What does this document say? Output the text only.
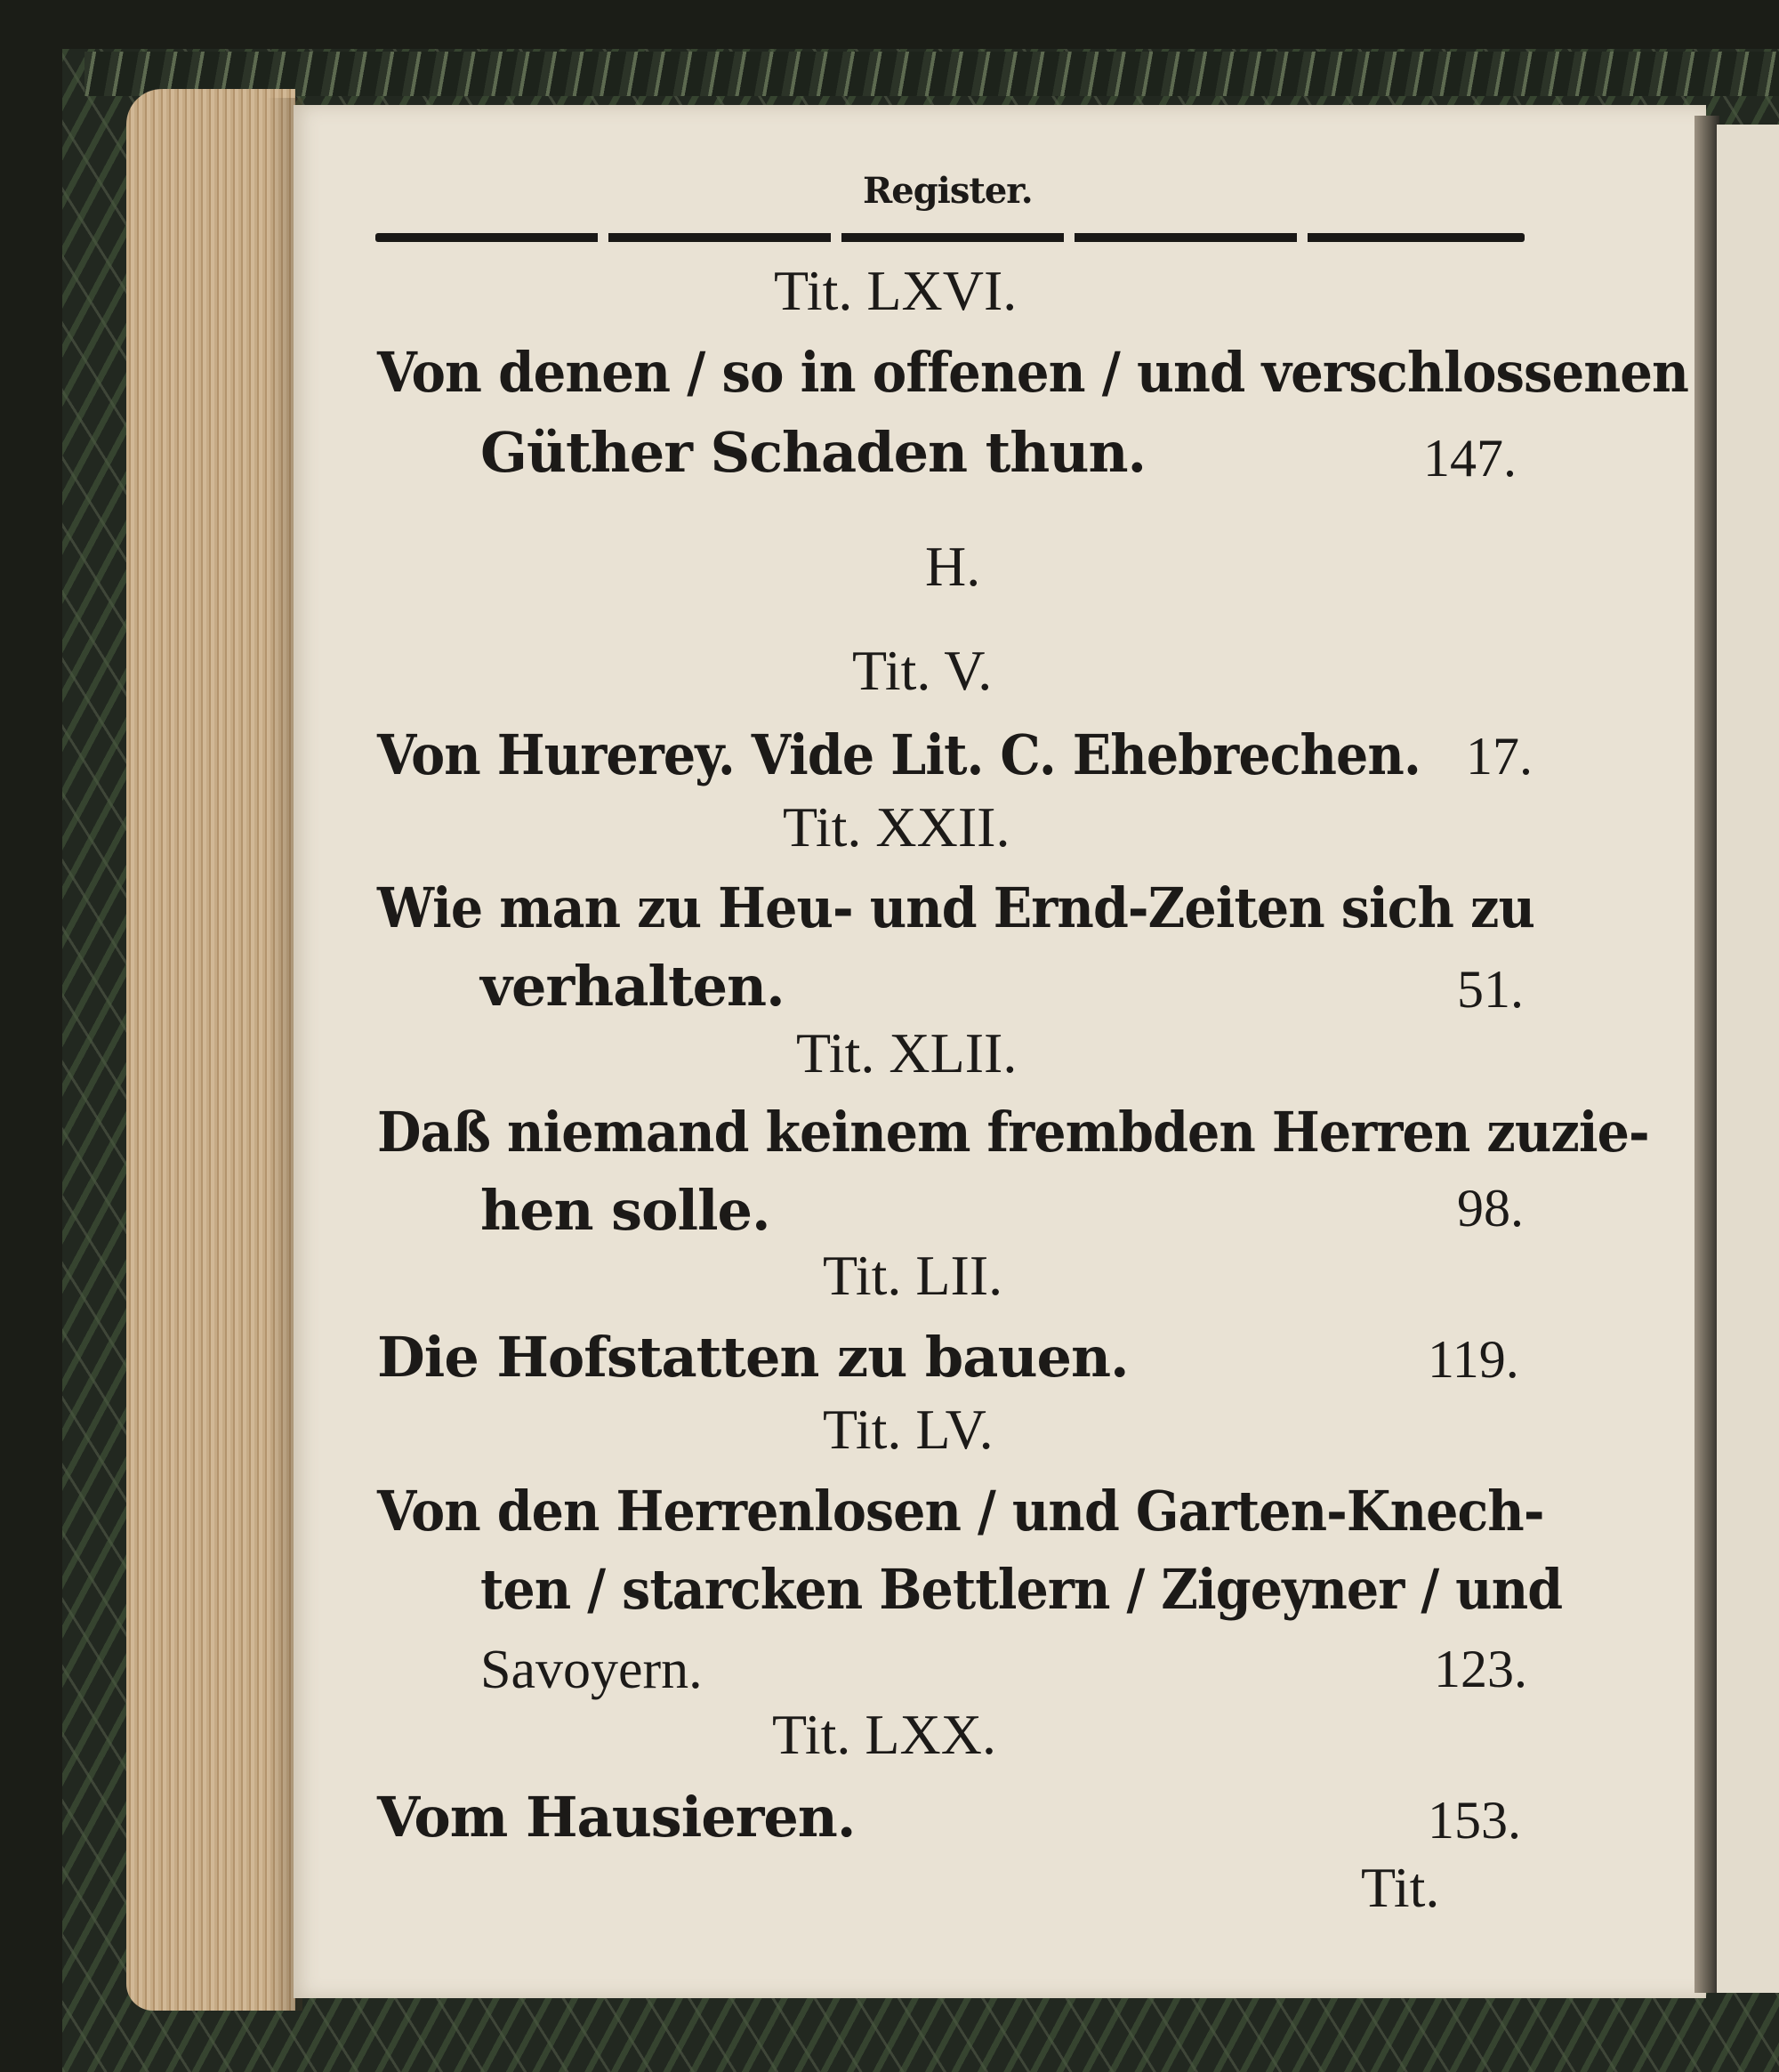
Register.
Tit. LXVI.
Von denen / so in offenen / und verschlossenen
Güther Schaden thun.	147.
H.
Tit. V.
Von Hurerey. Vide Lit. C. Ehebrechen. 17.
Tit. XXII.
Wie man zu Heu- und Ernd-Zeiten sich zu
verhalten.	51.
Tit. XLII.
Daß niemand keinem frembden Herren zuzie-
hen solle.	98.
Tit. LII.
Die Hofstatten zu bauen.	119.
Tit. LV.
Von den Herrenlosen / und Garten-Knech-
ten / starcken Bettlern / Zigeyner / und
Savoyern.	123.
Tit. LXX.
Vom Hausieren.	153.
Tit.
